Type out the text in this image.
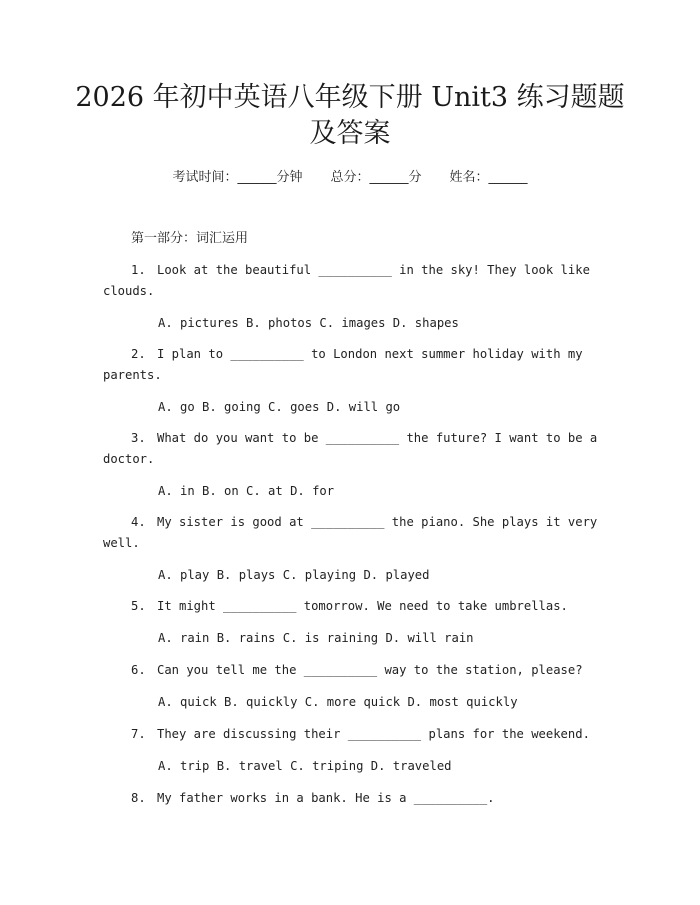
2026 年初中英语八年级下册 Unit3 练习题题
及答案
考试时间：______分钟 总分：______分 姓名：______
第一部分：词汇运用
1. Look at the beautiful __________ in the sky! They look like
clouds.
A. pictures B. photos C. images D. shapes
2. I plan to __________ to London next summer holiday with my
parents.
A. go B. going C. goes D. will go
3. What do you want to be __________ the future? I want to be a
doctor.
A. in B. on C. at D. for
4. My sister is good at __________ the piano. She plays it very
well.
A. play B. plays C. playing D. played
5. It might __________ tomorrow. We need to take umbrellas.
A. rain B. rains C. is raining D. will rain
6. Can you tell me the __________ way to the station, please?
A. quick B. quickly C. more quick D. most quickly
7. They are discussing their __________ plans for the weekend.
A. trip B. travel C. triping D. traveled
8. My father works in a bank. He is a __________.
